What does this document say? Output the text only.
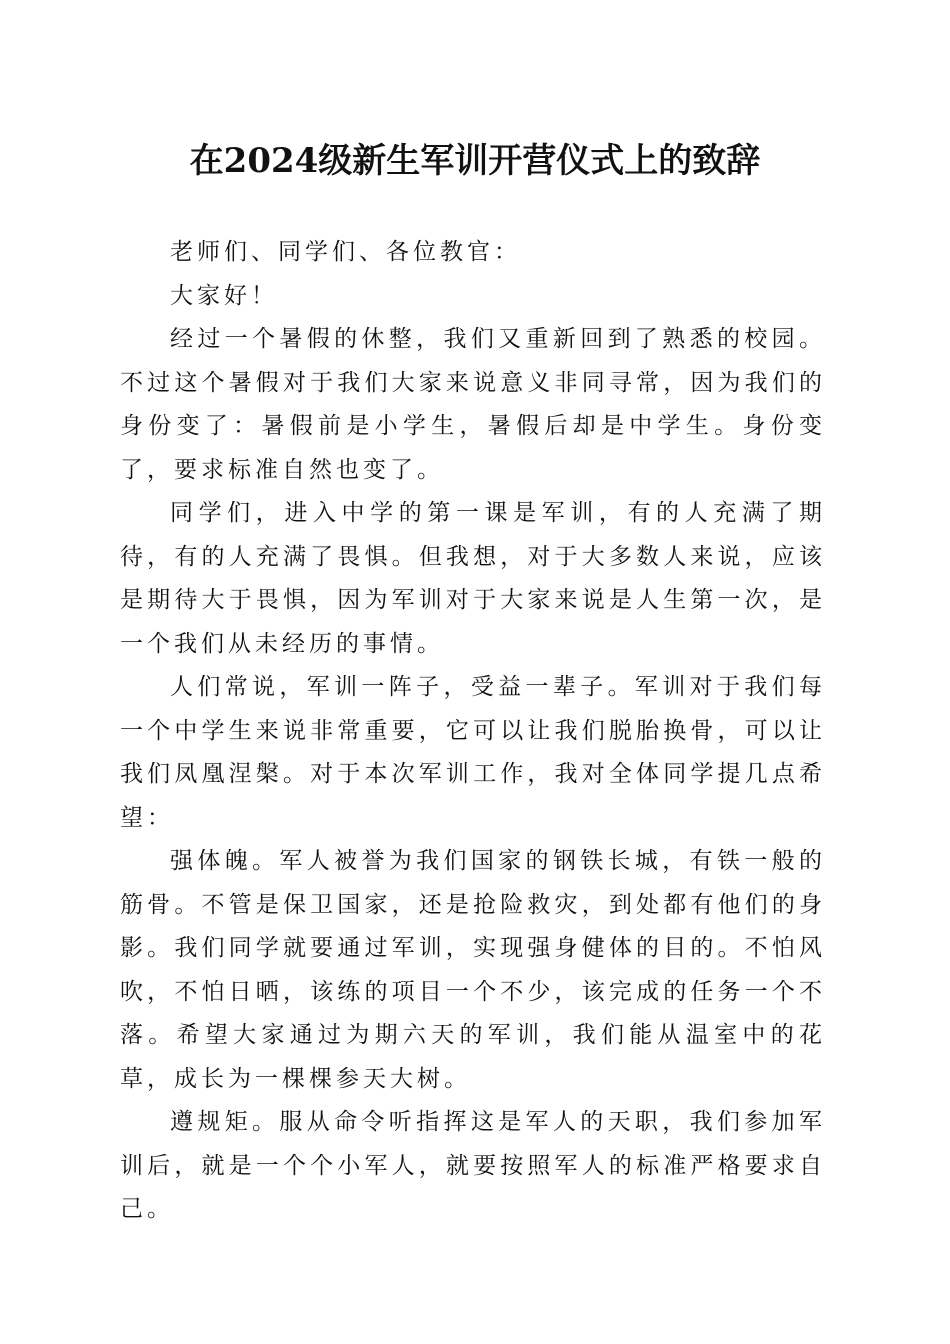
在2024级新生军训开营仪式上的致辞

老师们、同学们、各位教官：

大家好！

经过一个暑假的休整，我们又重新回到了熟悉的校园。不过这个暑假对于我们大家来说意义非同寻常，因为我们的身份变了：暑假前是小学生，暑假后却是中学生。身份变了，要求标准自然也变了。

同学们，进入中学的第一课是军训，有的人充满了期待，有的人充满了畏惧。但我想，对于大多数人来说，应该是期待大于畏惧，因为军训对于大家来说是人生第一次，是一个我们从未经历的事情。

人们常说，军训一阵子，受益一辈子。军训对于我们每一个中学生来说非常重要，它可以让我们脱胎换骨，可以让我们凤凰涅槃。对于本次军训工作，我对全体同学提几点希望：

强体魄。军人被誉为我们国家的钢铁长城，有铁一般的筋骨。不管是保卫国家，还是抢险救灾，到处都有他们的身影。我们同学就要通过军训，实现强身健体的目的。不怕风吹，不怕日晒，该练的项目一个不少，该完成的任务一个不落。希望大家通过为期六天的军训，我们能从温室中的花草，成长为一棵棵参天大树。

遵规矩。服从命令听指挥这是军人的天职，我们参加军训后，就是一个个小军人，就要按照军人的标准严格要求自己。
